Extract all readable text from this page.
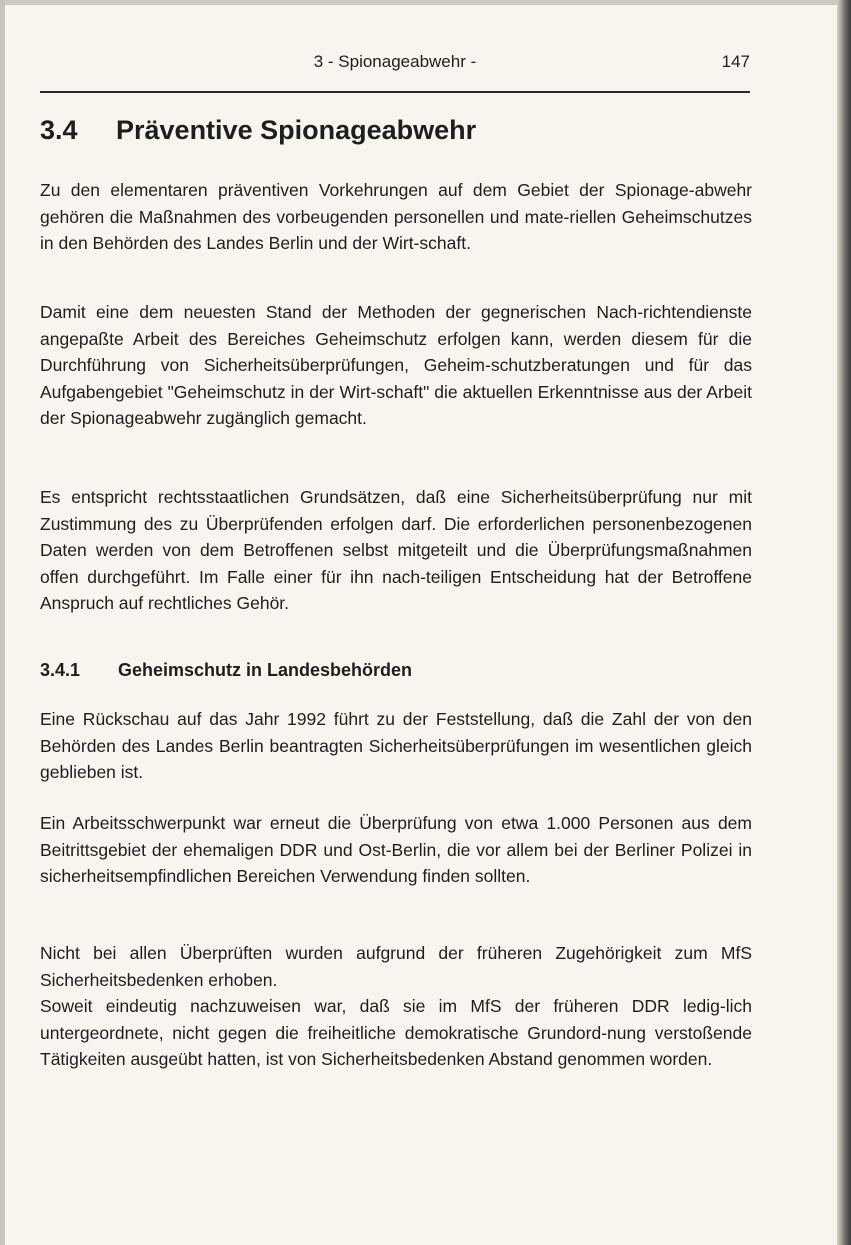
3 - Spionageabwehr -	147
3.4 Präventive Spionageabwehr

Zu den elementaren präventiven Vorkehrungen auf dem Gebiet der Spionage-abwehr gehören die Maßnahmen des vorbeugenden personellen und mate-riellen Geheimschutzes in den Behörden des Landes Berlin und der Wirt-schaft.

Damit eine dem neuesten Stand der Methoden der gegnerischen Nach-richtendienste angepaßte Arbeit des Bereiches Geheimschutz erfolgen kann, werden diesem für die Durchführung von Sicherheitsüberprüfungen, Geheim-schutzberatungen und für das Aufgabengebiet "Geheimschutz in der Wirt-schaft" die aktuellen Erkenntnisse aus der Arbeit der Spionageabwehr zugänglich gemacht.

Es entspricht rechtsstaatlichen Grundsätzen, daß eine Sicherheitsüberprüfung nur mit Zustimmung des zu Überprüfenden erfolgen darf. Die erforderlichen personenbezogenen Daten werden von dem Betroffenen selbst mitgeteilt und die Überprüfungsmaßnahmen offen durchgeführt. Im Falle einer für ihn nach-teiligen Entscheidung hat der Betroffene Anspruch auf rechtliches Gehör.

3.4.1 Geheimschutz in Landesbehörden

Eine Rückschau auf das Jahr 1992 führt zu der Feststellung, daß die Zahl der von den Behörden des Landes Berlin beantragten Sicherheitsüberprüfungen im wesentlichen gleich geblieben ist.

Ein Arbeitsschwerpunkt war erneut die Überprüfung von etwa 1.000 Personen aus dem Beitrittsgebiet der ehemaligen DDR und Ost-Berlin, die vor allem bei der Berliner Polizei in sicherheitsempfindlichen Bereichen Verwendung finden sollten.

Nicht bei allen Überprüften wurden aufgrund der früheren Zugehörigkeit zum MfS Sicherheitsbedenken erhoben.

Soweit eindeutig nachzuweisen war, daß sie im MfS der früheren DDR ledig-lich untergeordnete, nicht gegen die freiheitliche demokratische Grundord-nung verstoßende Tätigkeiten ausgeübt hatten, ist von Sicherheitsbedenken Abstand genommen worden.
